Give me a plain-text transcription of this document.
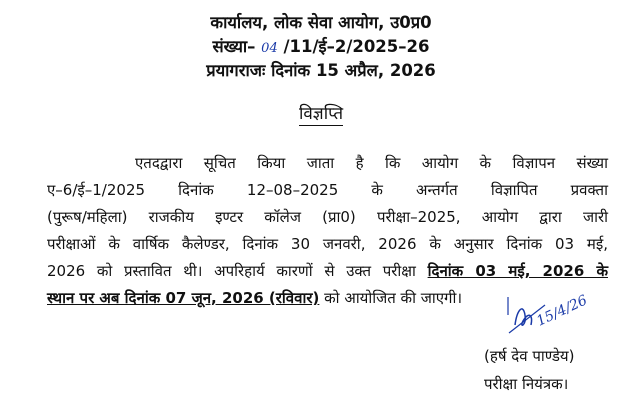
कार्यालय, लोक सेवा आयोग, उ0प्र0
संख्या– 04 /11/ई–2/2025–26
प्रयागराजः दिनांक 15 अप्रैल, 2026
विज्ञप्ति
एतदद्वारा सूचित किया जाता है कि आयोग के विज्ञापन संख्या
ए–6/ई–1/2025 दिनांक 12–08–2025 के अन्तर्गत विज्ञापित प्रवक्ता
(पुरूष/महिला) राजकीय इण्टर कॉलेज (प्रा0) परीक्षा–2025, आयोग द्वारा जारी
परीक्षाओं के वार्षिक कैलेण्डर, दिनांक 30 जनवरी, 2026 के अनुसार दिनांक 03 मई,
2026 को प्रस्तावित थी। अपरिहार्य कारणों से उक्त परीक्षा दिनांक 03 मई, 2026 के
स्थान पर अब दिनांक 07 जून, 2026 (रविवार) को आयोजित की जाएगी।	15/4/26
(हर्ष देव पाण्डेय)
परीक्षा नियंत्रक।
